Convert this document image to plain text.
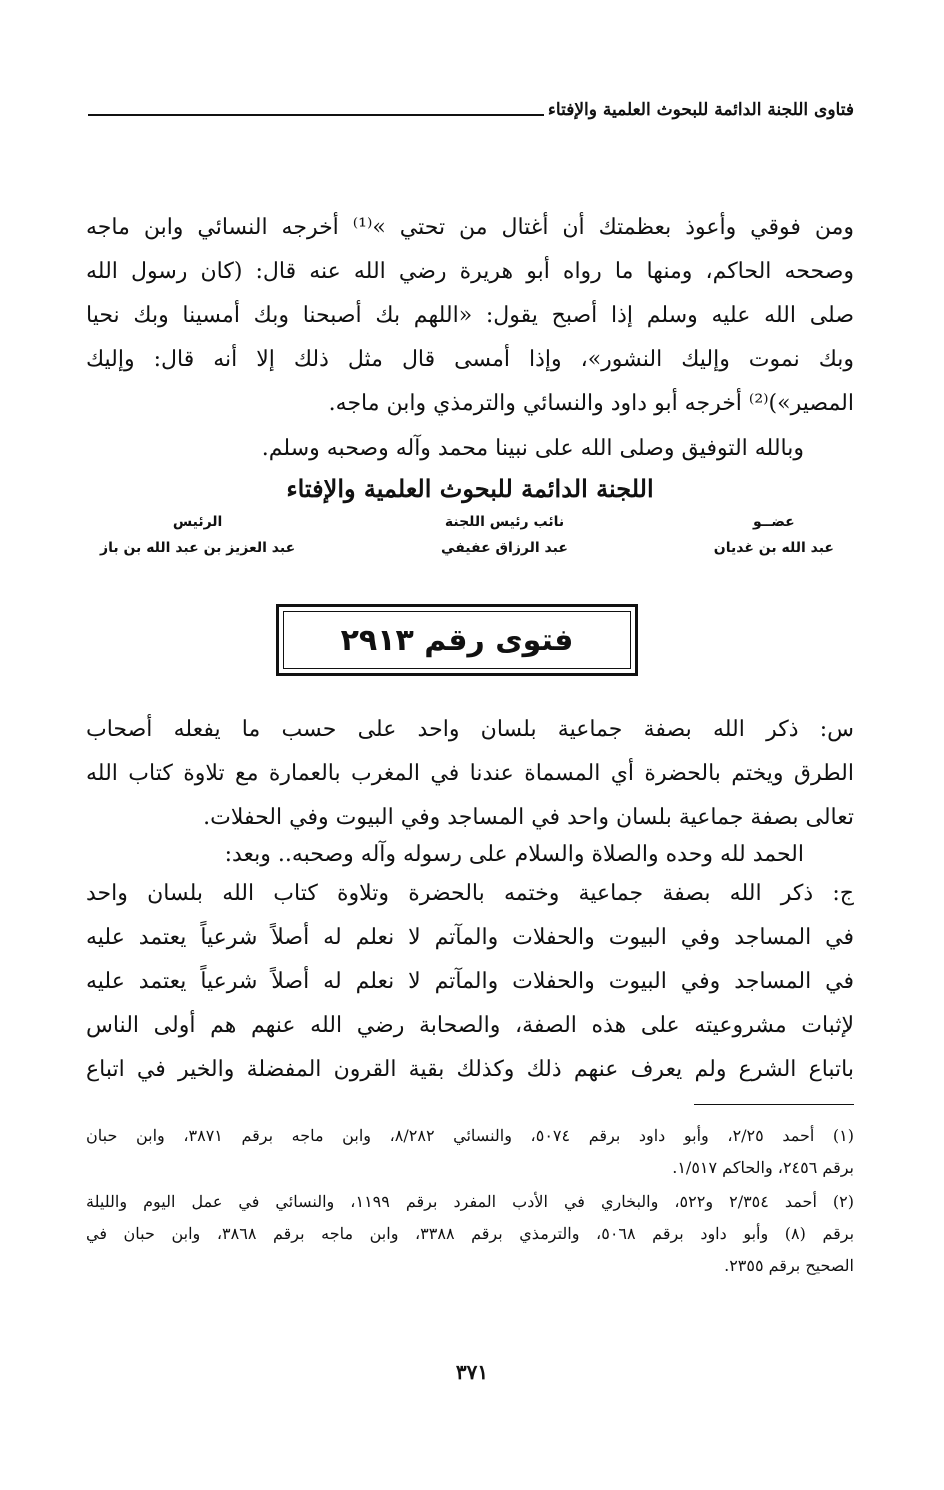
فتاوى اللجنة الدائمة للبحوث العلمية والإفتاء
ومن فوقي وأعوذ بعظمتك أن أغتال من تحتي »⁽¹⁾ أخرجه النسائي وابن ماجه
وصححه الحاكم، ومنها ما رواه أبو هريرة رضي الله عنه قال: (كان رسول الله
صلى الله عليه وسلم إذا أصبح يقول: «اللهم بك أصبحنا وبك أمسينا وبك نحيا
وبك نموت وإليك النشور»، وإذا أمسى قال مثل ذلك إلا أنه قال: وإليك
المصير»)⁽²⁾ أخرجه أبو داود والنسائي والترمذي وابن ماجه.
وبالله التوفيق وصلى الله على نبينا محمد وآله وصحبه وسلم.
اللجنة الدائمة للبحوث العلمية والإفتاء
عضــو
عبد الله بن غديان
نائب رئيس اللجنة
عبد الرزاق عفيفي
الرئيس
عبد العزيز بن عبد الله بن باز
فتوى رقم ٢٩١٣
س: ذكر الله بصفة جماعية بلسان واحد على حسب ما يفعله أصحاب
الطرق ويختم بالحضرة أي المسماة عندنا في المغرب بالعمارة مع تلاوة كتاب الله
تعالى بصفة جماعية بلسان واحد في المساجد وفي البيوت وفي الحفلات.
الحمد لله وحده والصلاة والسلام على رسوله وآله وصحبه.. وبعد:
ج: ذكر الله بصفة جماعية وختمه بالحضرة وتلاوة كتاب الله بلسان واحد
في المساجد وفي البيوت والحفلات والمآتم لا نعلم له أصلاً شرعياً يعتمد عليه
في المساجد وفي البيوت والحفلات والمآتم لا نعلم له أصلاً شرعياً يعتمد عليه
لإثبات مشروعيته على هذه الصفة، والصحابة رضي الله عنهم هم أولى الناس
باتباع الشرع ولم يعرف عنهم ذلك وكذلك بقية القرون المفضلة والخير في اتباع
(١) أحمد ٢/٢٥، وأبو داود برقم ٥٠٧٤، والنسائي ٨/٢٨٢، وابن ماجه برقم ٣٨٧١، وابن حبان
برقم ٢٤٥٦، والحاكم ١/٥١٧.
(٢) أحمد ٢/٣٥٤ و٥٢٢، والبخاري في الأدب المفرد برقم ١١٩٩، والنسائي في عمل اليوم والليلة
برقم (٨) وأبو داود برقم ٥٠٦٨، والترمذي برقم ٣٣٨٨، وابن ماجه برقم ٣٨٦٨، وابن حبان في
الصحيح برقم ٢٣٥٥.
٣٧١
